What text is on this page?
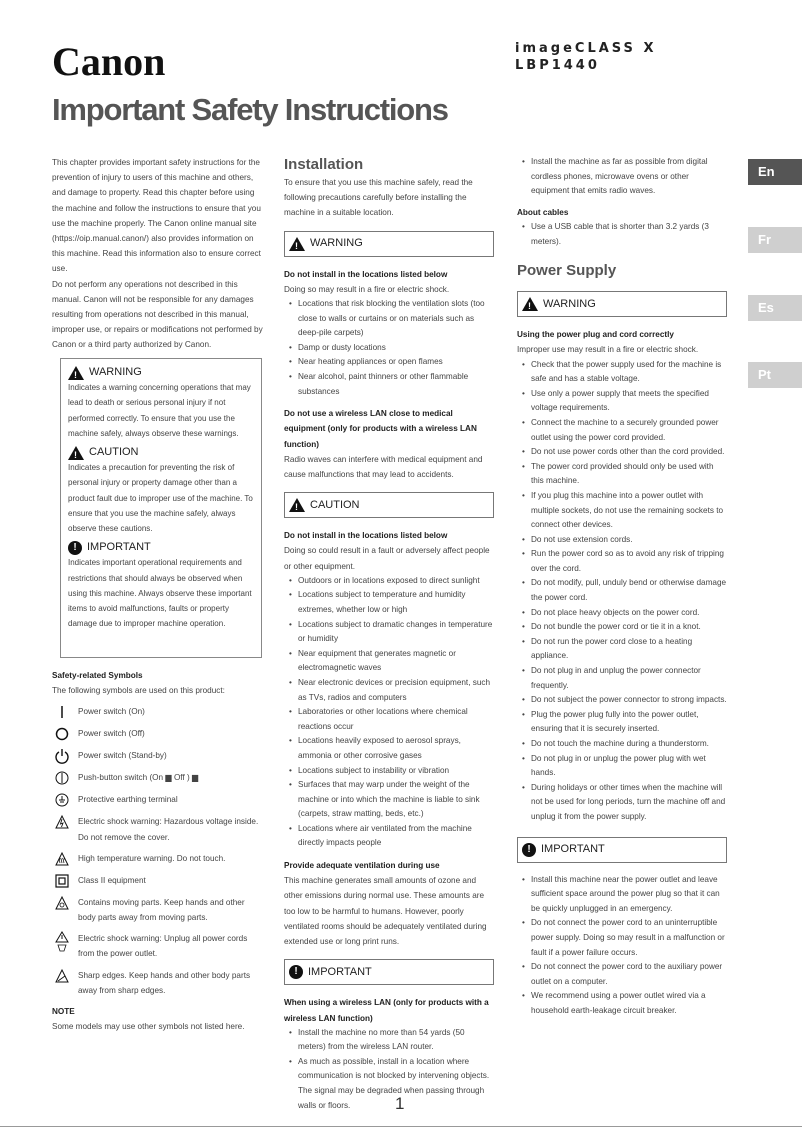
Canon	imageCLASS X
LBP1440
Important Safety Instructions
En
Fr
Es
Pt

This chapter provides important safety instructions for the prevention of injury to users of this machine and others, and damage to property. Read this chapter before using the machine and follow the instructions to ensure that you use the machine properly. The Canon online manual site (https://oip.manual.canon/) also provides information on this machine. Read this information also to ensure correct use.

Do not perform any operations not described in this manual. Canon will not be responsible for any damages resulting from operations not described in this manual, improper use, or repairs or modifications not performed by Canon or a third party authorized by Canon.

!
WARNING

Indicates a warning concerning operations that may lead to death or serious personal injury if not performed correctly. To ensure that you use the machine safely, always observe these warnings.

!
CAUTION

Indicates a precaution for preventing the risk of personal injury or property damage other than a product fault due to improper use of the machine. To ensure that you use the machine safely, always observe these cautions.

! IMPORTANT

Indicates important operational requirements and restrictions that should always be observed when using this machine. Always observe these important items to avoid malfunctions, faults or property damage due to improper machine operation.

Safety-related Symbols

The following symbols are used on this product:

Power switch (On)
Power switch (Off)
Power switch (Stand-by)
Push-button switch (On ▆ Off ) ▆
Protective earthing terminal
Electric shock warning: Hazardous voltage inside. Do not remove the cover.
High temperature warning. Do not touch.
Class II equipment
Contains moving parts. Keep hands and other body parts away from moving parts.
Electric shock warning: Unplug all power cords from the power outlet.
Sharp edges. Keep hands and other body parts away from sharp edges.

NOTE

Some models may use other symbols not listed here.

Installation

To ensure that you use this machine safely, read the following precautions carefully before installing the machine in a suitable location.

!
WARNING

Do not install in the locations listed below

Doing so may result in a fire or electric shock.

• Locations that risk blocking the ventilation slots (too close to walls or curtains or on materials such as deep-pile carpets)
• Damp or dusty locations
• Near heating appliances or open flames
• Near alcohol, paint thinners or other flammable substances

Do not use a wireless LAN close to medical equipment (only for products with a wireless LAN function)

Radio waves can interfere with medical equipment and cause malfunctions that may lead to accidents.

!
CAUTION

Do not install in the locations listed below

Doing so could result in a fault or adversely affect people or other equipment.

• Outdoors or in locations exposed to direct sunlight
• Locations subject to temperature and humidity extremes, whether low or high
• Locations subject to dramatic changes in temperature or humidity
• Near equipment that generates magnetic or electromagnetic waves
• Near electronic devices or precision equipment, such as TVs, radios and computers
• Laboratories or other locations where chemical reactions occur
• Locations heavily exposed to aerosol sprays, ammonia or other corrosive gases
• Locations subject to instability or vibration
• Surfaces that may warp under the weight of the machine or into which the machine is liable to sink (carpets, straw matting, beds, etc.)
• Locations where air ventilated from the machine directly impacts people

Provide adequate ventilation during use

This machine generates small amounts of ozone and other emissions during normal use. These amounts are too low to be harmful to humans. However, poorly ventilated rooms should be adequately ventilated during extended use or long print runs.

! IMPORTANT

When using a wireless LAN (only for products with a wireless LAN function)

• Install the machine no more than 54 yards (50 meters) from the wireless LAN router.
• As much as possible, install in a location where communication is not blocked by intervening objects. The signal may be degraded when passing through walls or floors.
• Install the machine as far as possible from digital cordless phones, microwave ovens or other equipment that emits radio waves.

About cables

• Use a USB cable that is shorter than 3.2 yards (3 meters).

Power Supply

!
WARNING

Using the power plug and cord correctly

Improper use may result in a fire or electric shock.

• Check that the power supply used for the machine is safe and has a stable voltage.
• Use only a power supply that meets the specified voltage requirements.
• Connect the machine to a securely grounded power outlet using the power cord provided.
• Do not use power cords other than the cord provided.
• The power cord provided should only be used with this machine.
• If you plug this machine into a power outlet with multiple sockets, do not use the remaining sockets to connect other devices.
• Do not use extension cords.
• Run the power cord so as to avoid any risk of tripping over the cord.
• Do not modify, pull, unduly bend or otherwise damage the power cord.
• Do not place heavy objects on the power cord.
• Do not bundle the power cord or tie it in a knot.
• Do not run the power cord close to a heating appliance.
• Do not plug in and unplug the power connector frequently.
• Do not subject the power connector to strong impacts.
• Plug the power plug fully into the power outlet, ensuring that it is securely inserted.
• Do not touch the machine during a thunderstorm.
• Do not plug in or unplug the power plug with wet hands.
• During holidays or other times when the machine will not be used for long periods, turn the machine off and unplug it from the power supply.
! IMPORTANT
• Install this machine near the power outlet and leave sufficient space around the power plug so that it can be quickly unplugged in an emergency.
• Do not connect the power cord to an uninterruptible power supply. Doing so may result in a malfunction or fault if a power failure occurs.
• Do not connect the power cord to the auxiliary power outlet on a computer.
• We recommend using a power outlet wired via a household earth-leakage circuit breaker.
1
